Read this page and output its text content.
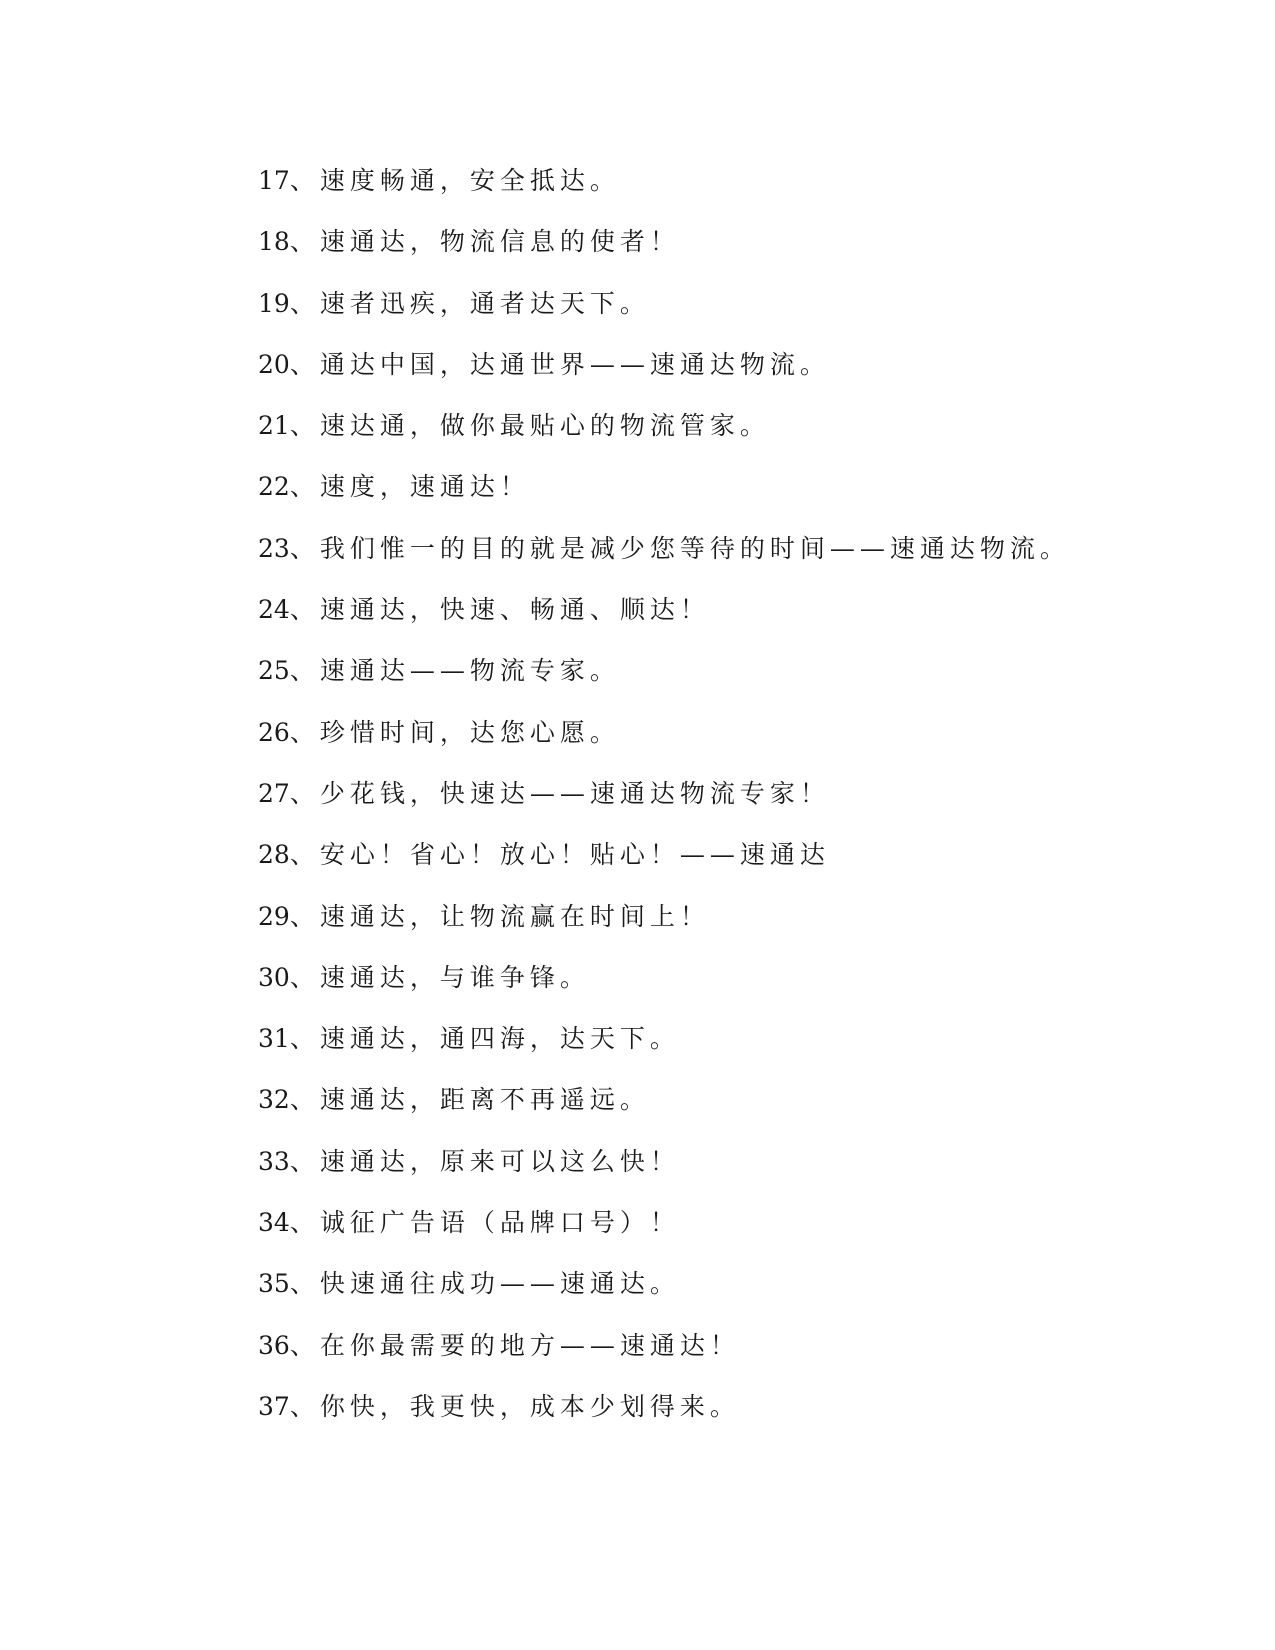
17、速度畅通，安全抵达。
18、速通达，物流信息的使者！
19、速者迅疾，通者达天下。
20、通达中国，达通世界——速通达物流。
21、速达通，做你最贴心的物流管家。
22、速度，速通达！
23、我们惟一的目的就是减少您等待的时间——速通达物流。
24、速通达，快速、畅通、顺达！
25、速通达——物流专家。
26、珍惜时间，达您心愿。
27、少花钱，快速达——速通达物流专家！
28、安心！省心！放心！贴心！——速通达
29、速通达，让物流赢在时间上！
30、速通达，与谁争锋。
31、速通达，通四海，达天下。
32、速通达，距离不再遥远。
33、速通达，原来可以这么快！
34、诚征广告语（品牌口号）！
35、快速通往成功——速通达。
36、在你最需要的地方——速通达！
37、你快，我更快，成本少划得来。
